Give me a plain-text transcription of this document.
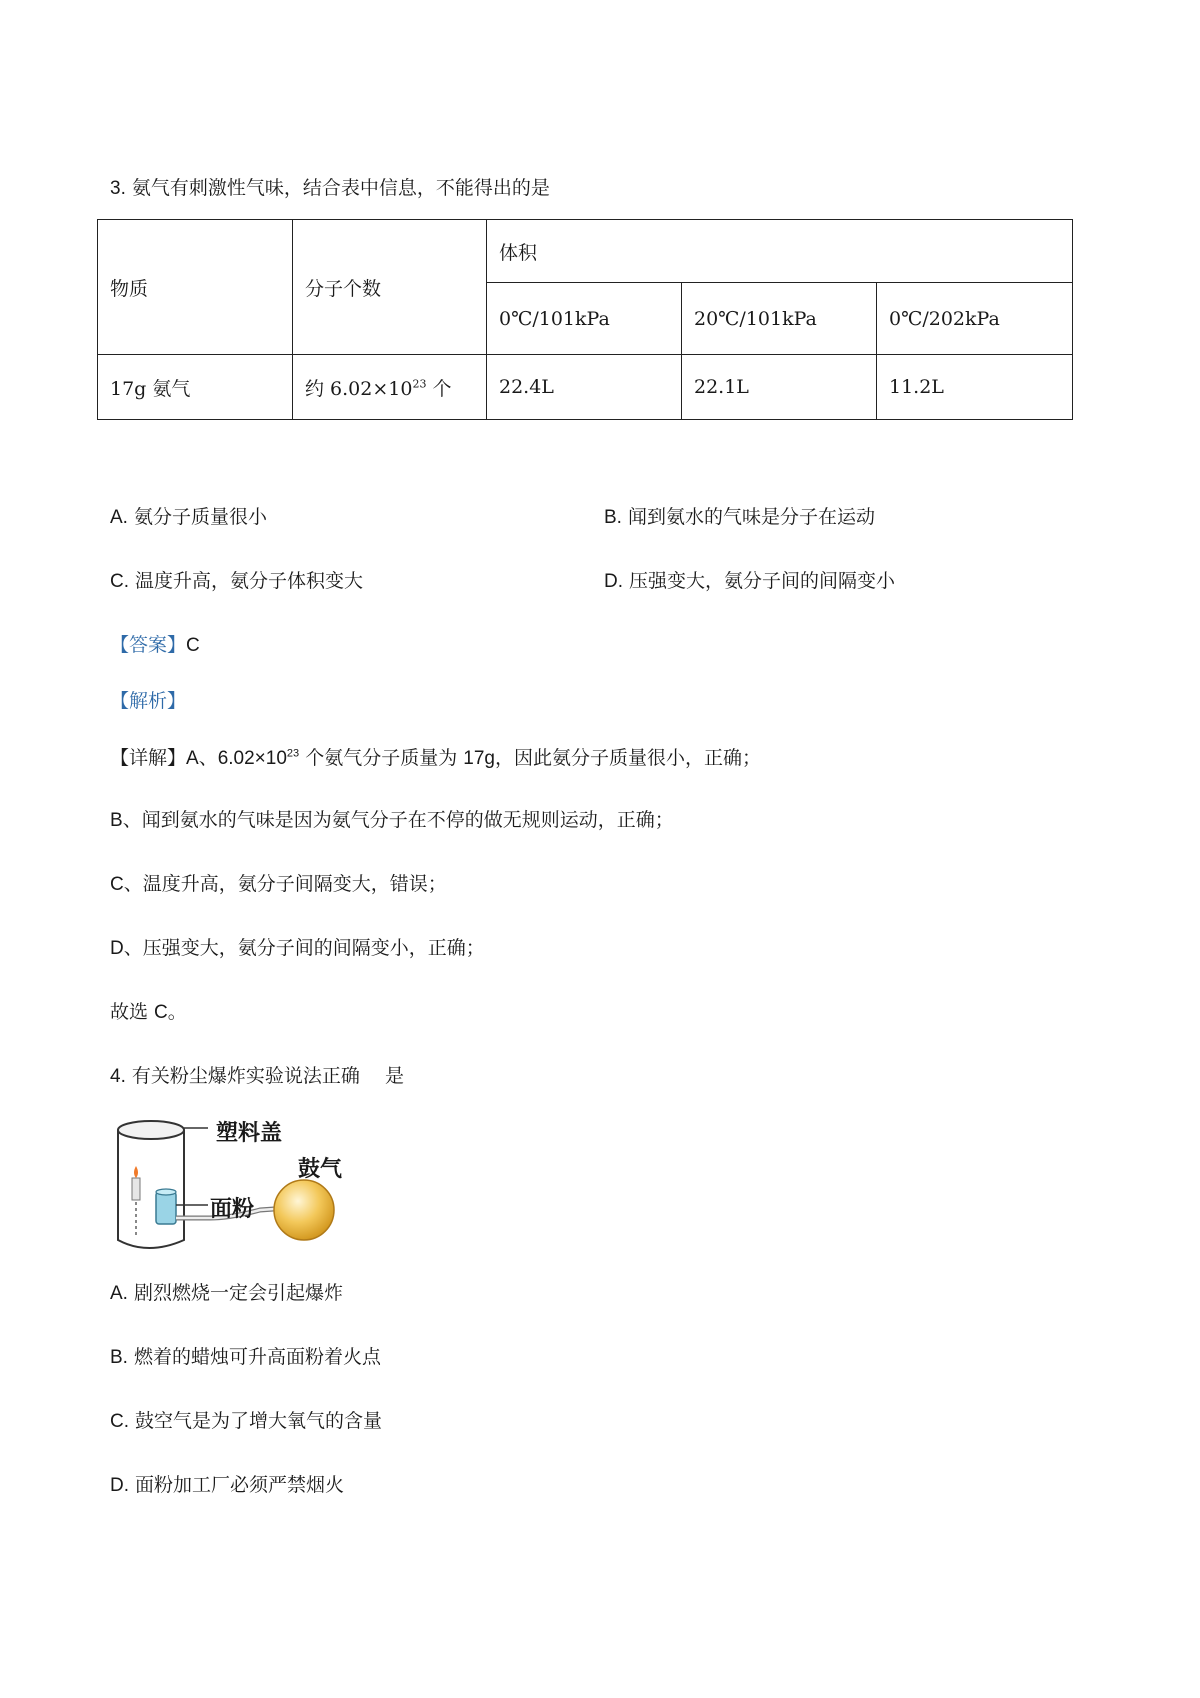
3. 氨气有刺激性气味，结合表中信息，不能得出的是
物质	分子个数	体积		
		0℃/101kPa	20℃/101kPa	0℃/202kPa
17g 氨气	约 $6.02\times 10^{23}$ 个	22.4L	22.1L	11.2L
A. 氨分子质量很小	B. 闻到氨水的气味是分子在运动
C. 温度升高，氨分子体积变大	D. 压强变大，氨分子间的间隔变小
【答案】C
【解析】
【详解】A、$6.02\times 10^{23}$ 个氨气分子质量为 17g，因此氨分子质量很小，正确；
B、闻到氨水的气味是因为氨气分子在不停的做无规则运动，正确；
C、温度升高，氨分子间隔变大，错误；
D、压强变大，氨分子间的间隔变小，正确；
故选 C。
4. 有关粉尘爆炸实验说法正确 　是
塑料盖
面粉
鼓气
A. 剧烈燃烧一定会引起爆炸
B. 燃着的蜡烛可升高面粉着火点
C. 鼓空气是为了增大氧气的含量
D. 面粉加工厂必须严禁烟火
